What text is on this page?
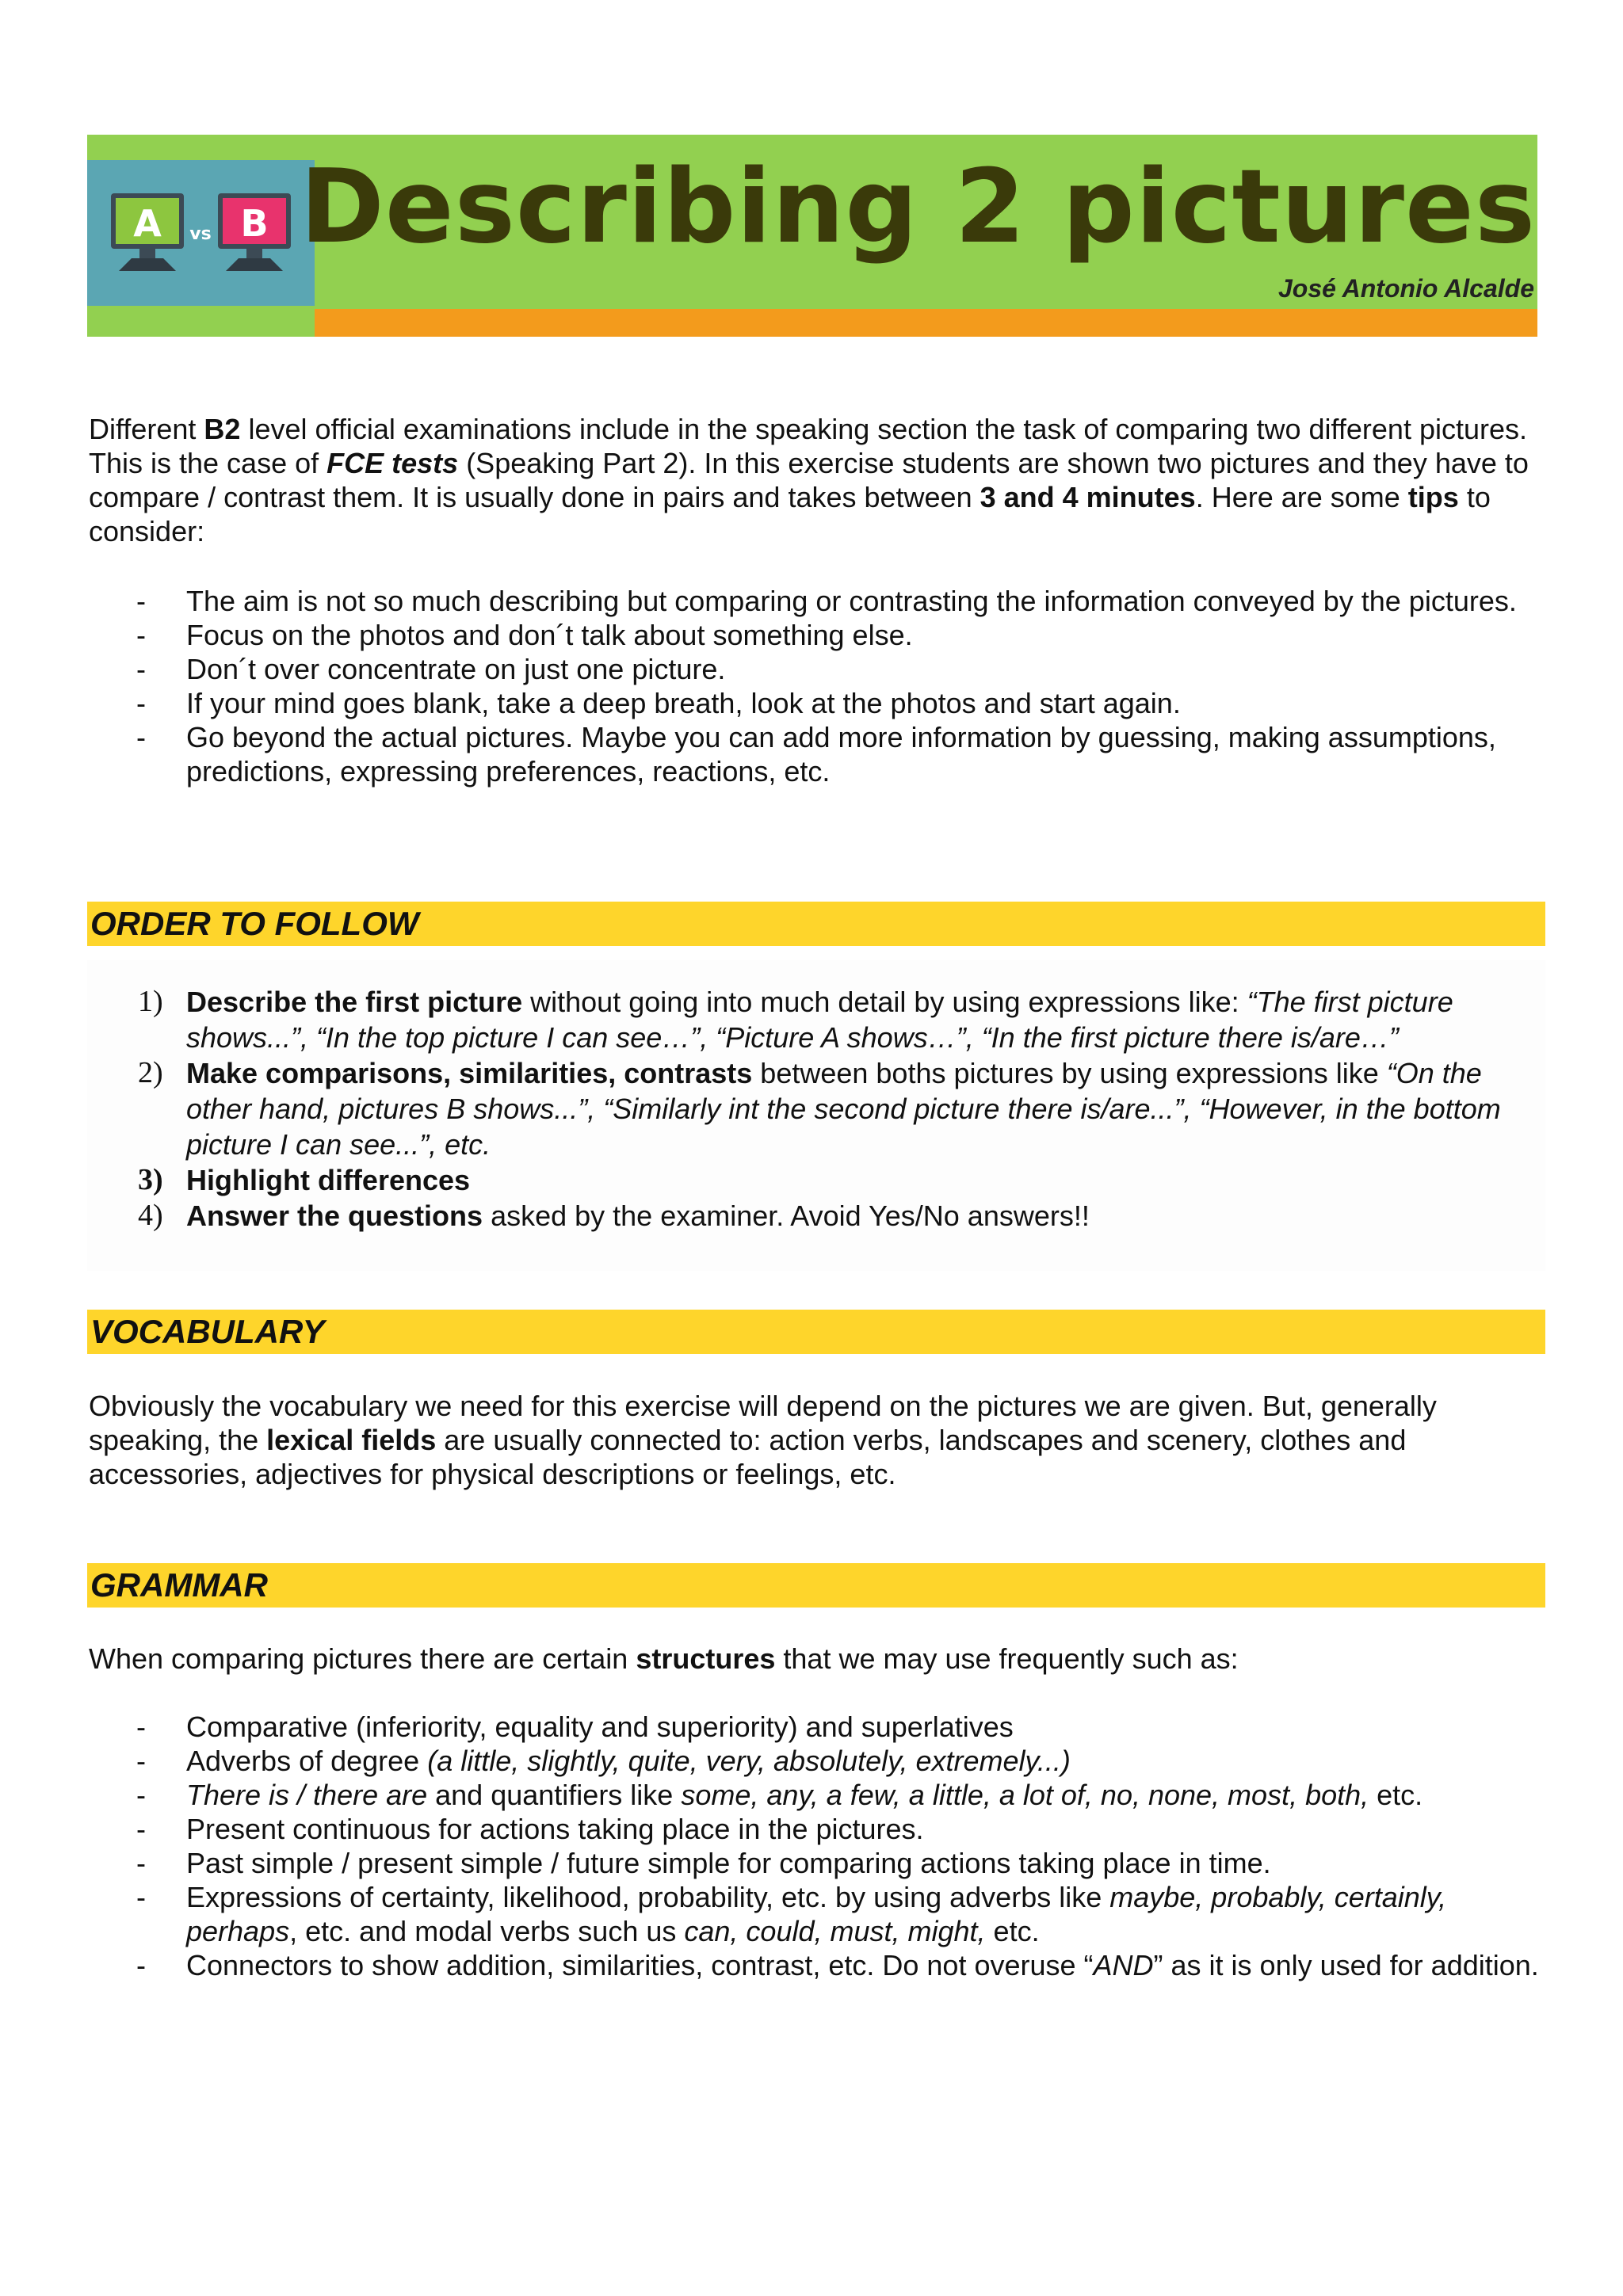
A B
vs Describing 2 pictures
José Antonio Alcalde

Different B2 level official examinations include in the speaking section the task of comparing two different pictures. This is the case of FCE tests (Speaking Part 2). In this exercise students are shown two pictures and they have to compare / contrast them. It is usually done in pairs and takes between 3 and 4 minutes. Here are some tips to consider:

- The aim is not so much describing but comparing or contrasting the information conveyed by the pictures.
- Focus on the photos and don´t talk about something else.
- Don´t over concentrate on just one picture.
- If your mind goes blank, take a deep breath, look at the photos and start again.
- Go beyond the actual pictures. Maybe you can add more information by guessing, making assumptions, predictions, expressing preferences, reactions, etc.
ORDER TO FOLLOW
1) Describe the first picture without going into much detail by using expressions like: “The first picture shows...”, “In the top picture I can see…”, “Picture A shows…”, “In the first picture there is/are…”
2) Make comparisons, similarities, contrasts between boths pictures by using expressions like “On the other hand, pictures B shows...”, “Similarly int the second picture there is/are...”, “However, in the bottom picture I can see...”, etc.
3) Highlight differences
4) Answer the questions asked by the examiner. Avoid Yes/No answers!!
VOCABULARY

Obviously the vocabulary we need for this exercise will depend on the pictures we are given. But, generally speaking, the lexical fields are usually connected to: action verbs, landscapes and scenery, clothes and accessories, adjectives for physical descriptions or feelings, etc.

GRAMMAR

When comparing pictures there are certain structures that we may use frequently such as:

- Comparative (inferiority, equality and superiority) and superlatives
- Adverbs of degree (a little, slightly, quite, very, absolutely, extremely...)
- There is / there are and quantifiers like some, any, a few, a little, a lot of, no, none, most, both, etc.
- Present continuous for actions taking place in the pictures.
- Past simple / present simple / future simple for comparing actions taking place in time.
- Expressions of certainty, likelihood, probability, etc. by using adverbs like maybe, probably, certainly, perhaps, etc. and modal verbs such us can, could, must, might, etc.
- Connectors to show addition, similarities, contrast, etc. Do not overuse “AND” as it is only used for addition.
